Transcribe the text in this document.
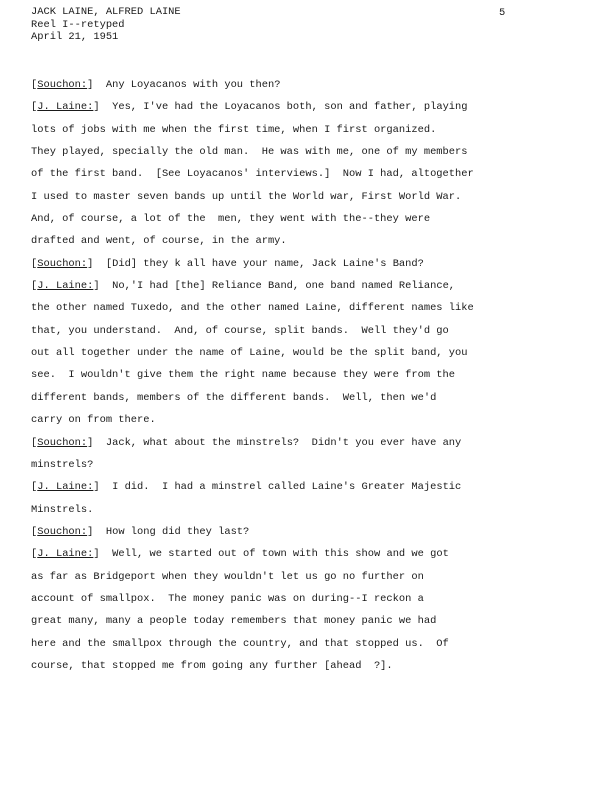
JACK LAINE, ALFRED LAINE
Reel I--retyped
April 21, 1951
5
[Souchon:]  Any Loyacanos with you then?
[J. Laine:]  Yes, I've had the Loyacanos both, son and father, playing
lots of jobs with me when the first time, when I first organized.
They played, specially the old man.  He was with me, one of my members
of the first band.  [See Loyacanos' interviews.]  Now I had, altogether
I used to master seven bands up until the World war, First World War.
And, of course, a lot of the  men, they went with the--they were
drafted and went, of course, in the army.
[Souchon:]  [Did] they k all have your name, Jack Laine's Band?
[J. Laine:]  No,'I had [the] Reliance Band, one band named Reliance,
the other named Tuxedo, and the other named Laine, different names like
that, you understand.  And, of course, split bands.  Well they'd go
out all together under the name of Laine, would be the split band, you
see.  I wouldn't give them the right name because they were from the
different bands, members of the different bands.  Well, then we'd
carry on from there.
[Souchon:]  Jack, what about the minstrels?  Didn't you ever have any
minstrels?
[J. Laine:]  I did.  I had a minstrel called Laine's Greater Majestic
Minstrels.
[Souchon:]  How long did they last?
[J. Laine:]  Well, we started out of town with this show and we got
as far as Bridgeport when they wouldn't let us go no further on
account of smallpox.  The money panic was on during--I reckon a
great many, many a people today remembers that money panic we had
here and the smallpox through the country, and that stopped us.  Of
course, that stopped me from going any further [ahead  ?].
